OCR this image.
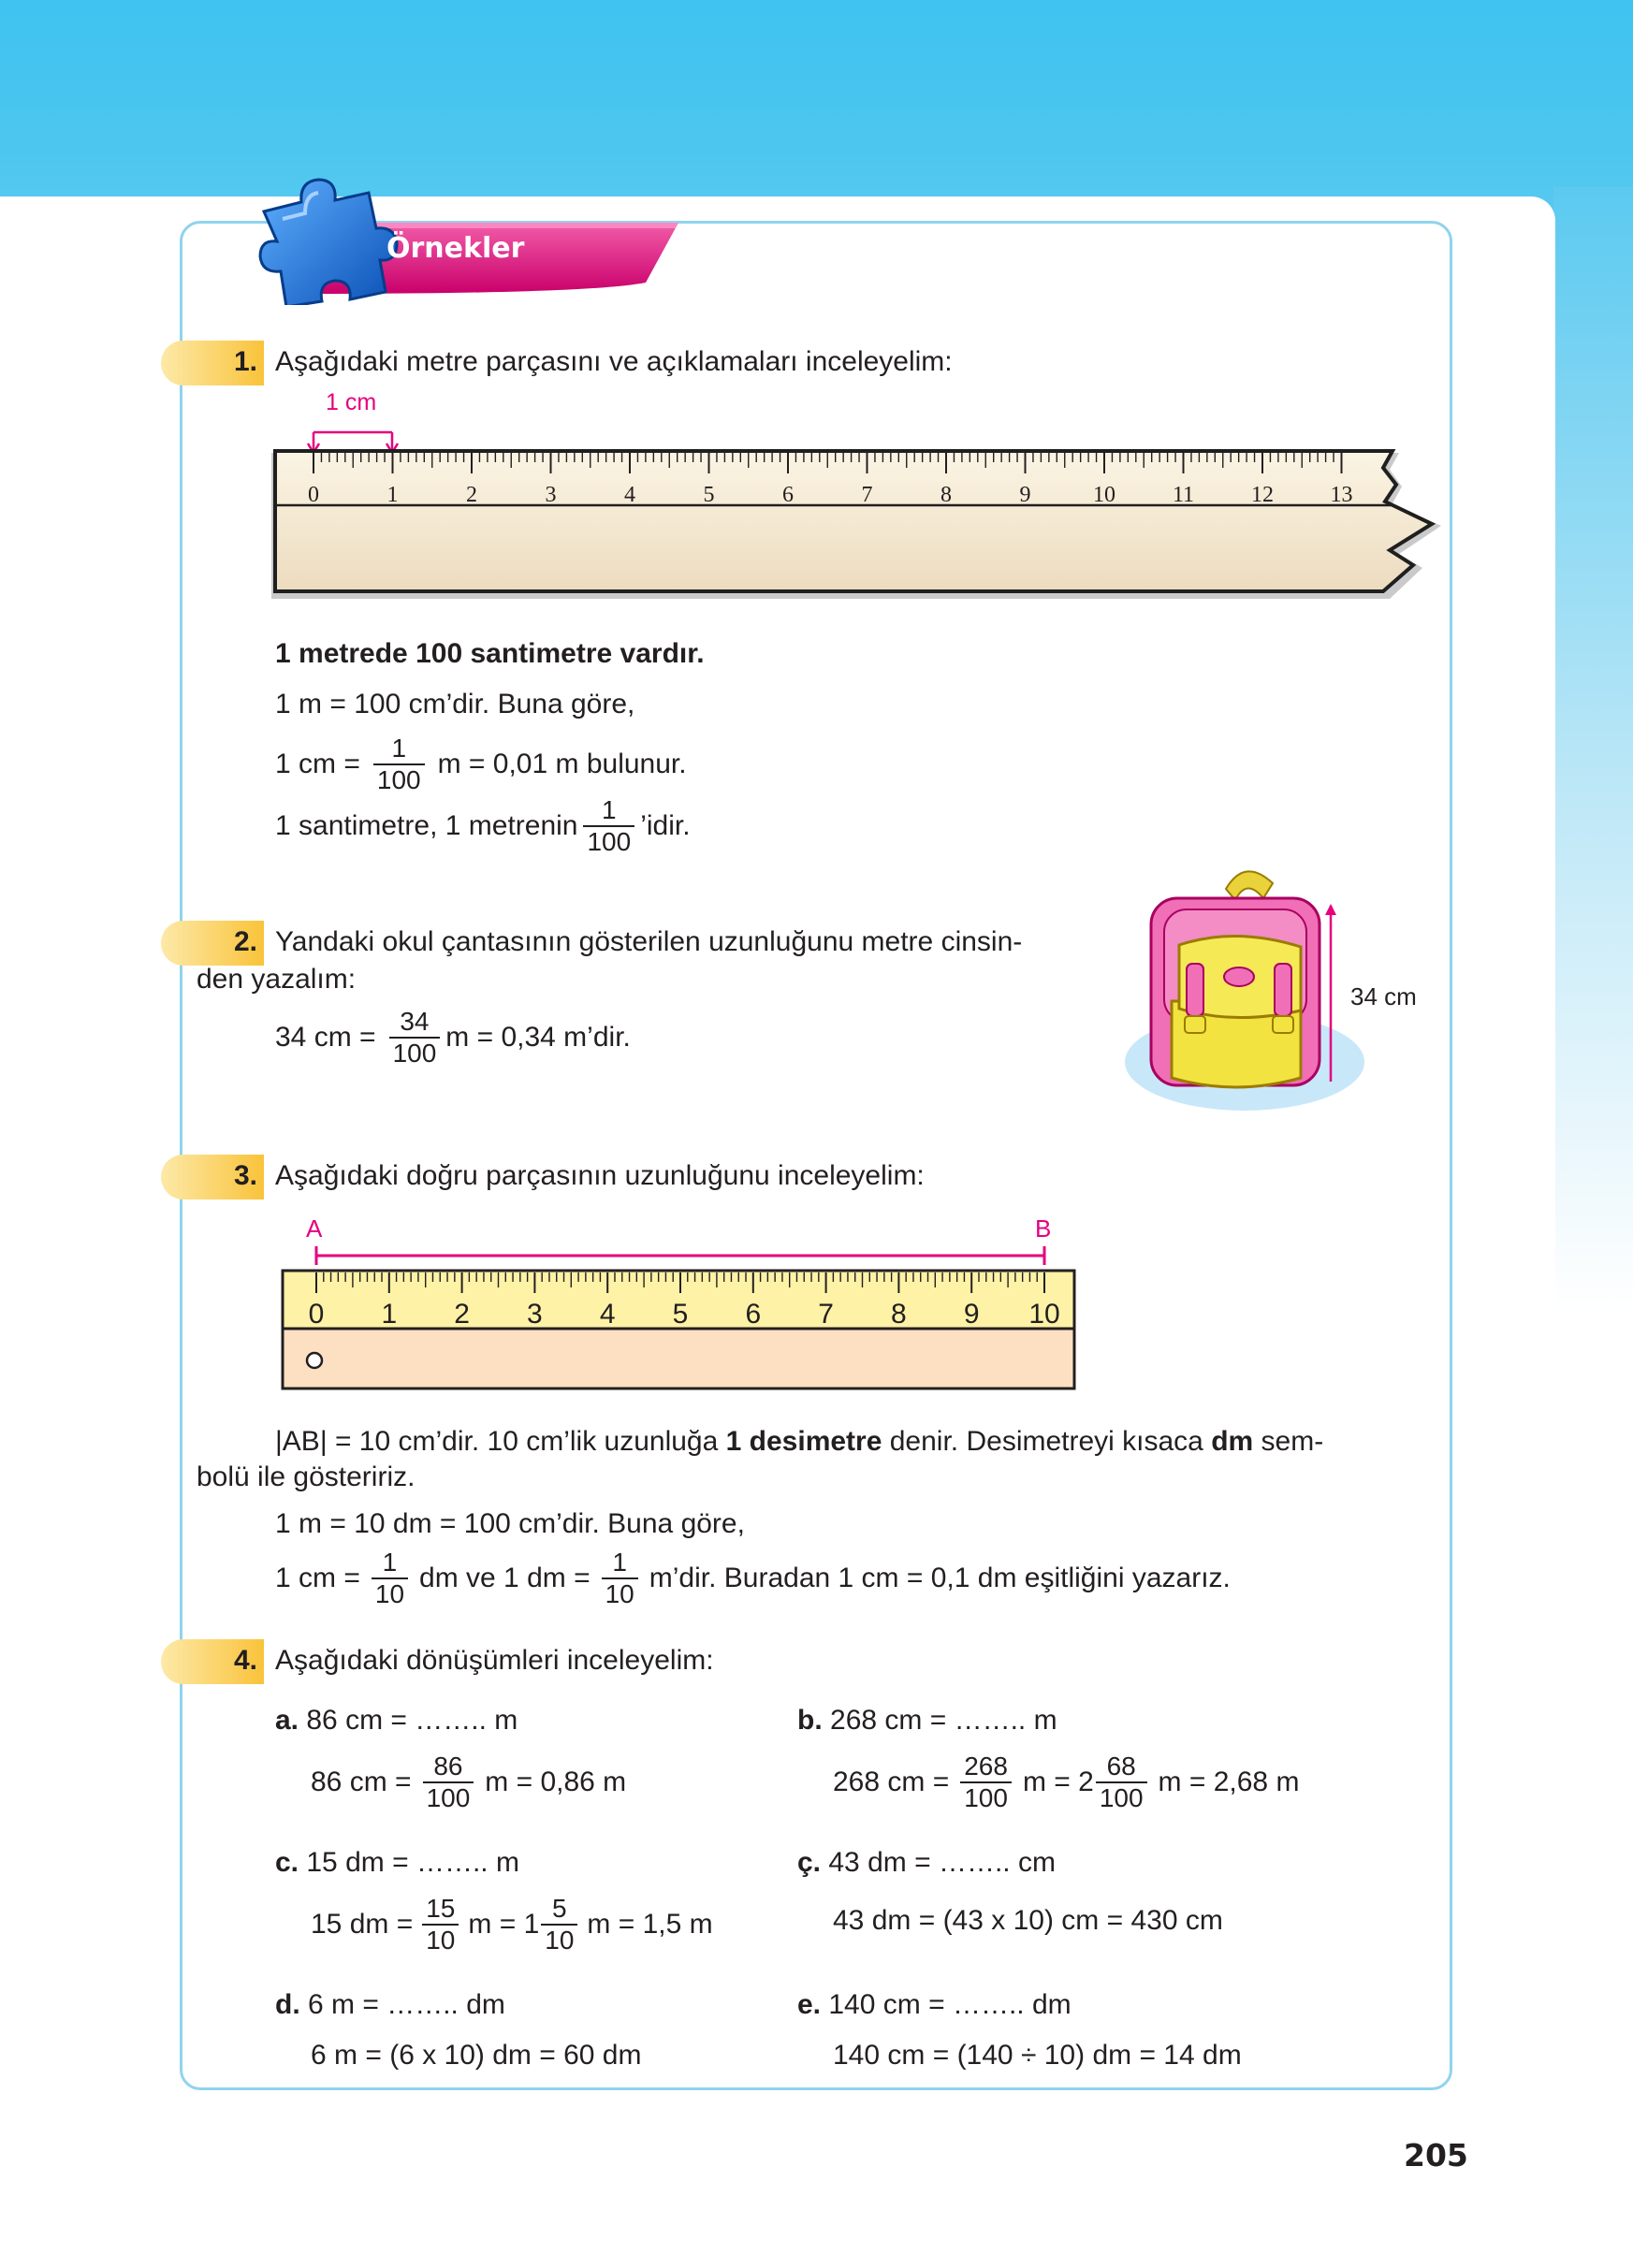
Örnekler
1. Aşağıdaki metre parçasını ve açıklamaları inceleyelim:
1 cm
0	1	2	3	4	5	6	7	8	9	10	11	12	13
1 metrede 100 santimetre vardır.
1 m = 100 cm’dir. Buna göre,
1 cm = $\frac{1}{100}$ m = 0,01 m bulunur.
1 santimetre, 1 metrenin $\frac{1}{100}$ ’idir.
2. Yandaki okul çantasının gösterilen uzunluğunu metre cinsin-
den yazalım:
34 cm = $\frac{34}{100}$ m = 0,34 m’dir.
34 cm
3. Aşağıdaki doğru parçasının uzunluğunu inceleyelim:
A	B
0 1 2 3 4 5 6 7 8 9 10
|AB| = 10 cm’dir. 10 cm’lik uzunluğa 1 desimetre denir. Desimetreyi kısaca dm sem-
bolü ile gösteririz.
1 m = 10 dm = 100 cm’dir. Buna göre,
1 cm = $\frac{1}{10}$ dm ve 1 dm = $\frac{1}{10}$ m’dir. Buradan 1 cm = 0,1 dm eşitliğini yazarız.
4. Aşağıdaki dönüşümleri inceleyelim:
a. 86 cm = …….. m
86 cm = $\frac{86}{100}$ m = 0,86 m
b. 268 cm = …….. m
268 cm = $\frac{268}{100}$ $m = 2 \frac{68}{100}$ m = 2,68 m
c. 15 dm = …….. m
15 dm = $\frac{15}{10}$ $m = 1 \frac{5}{10}$ m = 1,5 m
ç. 43 dm = …….. cm
43 dm = (43 x 10) cm = 430 cm
d. 6 m = …….. dm
6 m = (6 x 10) dm = 60 dm
e. 140 cm = …….. dm
140 cm = (140 ÷ 10) dm = 14 dm
205
